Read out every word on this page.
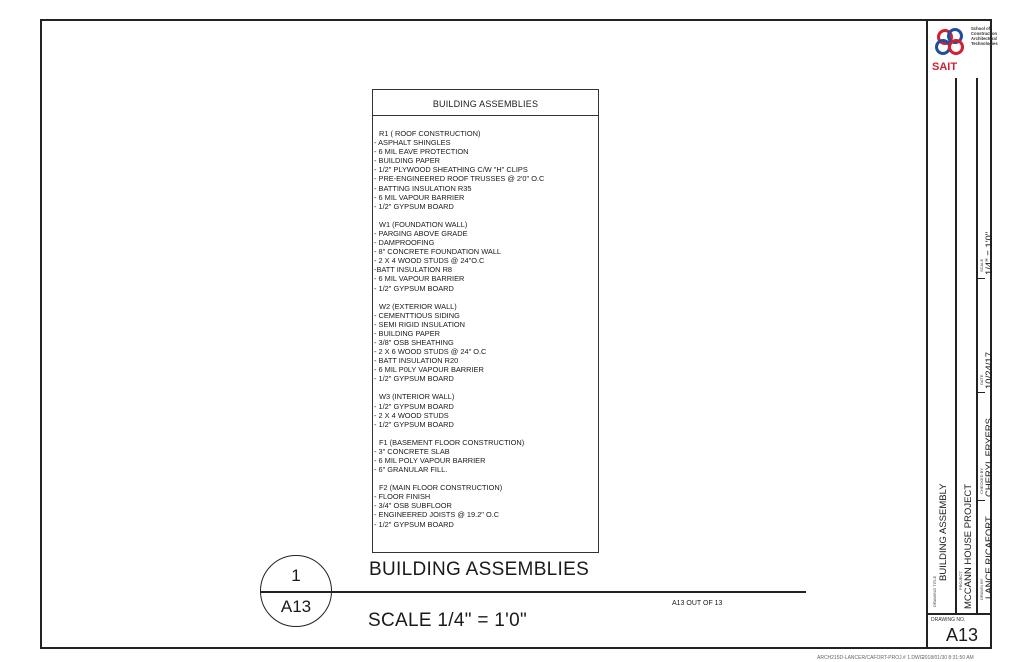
BUILDING ASSEMBLIES
R1 ( ROOF CONSTRUCTION)
- ASPHALT SHINGLES
- 6 MIL EAVE PROTECTION
- BUILDING PAPER
- 1/2" PLYWOOD SHEATHING C/W "H" CLIPS
- PRE-ENGINEERED ROOF TRUSSES @ 2'0" O.C
- BATTING INSULATION R35
- 6 MIL VAPOUR BARRIER
- 1/2" GYPSUM BOARD
W1 (FOUNDATION WALL)
- PARGING ABOVE GRADE
- DAMPROOFING
- 8" CONCRETE FOUNDATION WALL
- 2 X 4 WOOD STUDS @ 24"O.C
-BATT INSULATION R8
- 6 MIL VAPOUR BARRIER
- 1/2" GYPSUM BOARD
W2 (EXTERIOR WALL)
- CEMENTTIOUS SIDING
- SEMI RIGID INSULATION
- BUILDING PAPER
- 3/8" OSB SHEATHING
- 2 X 6 WOOD STUDS @ 24" O.C
- BATT INSULATION R20
- 6 MIL P0LY VAPOUR BARRIER
- 1/2" GYPSUM BOARD
W3 (INTERIOR WALL)
- 1/2" GYPSUM BOARD
- 2 X 4 WOOD STUDS
- 1/2" GYPSUM BOARD
F1 (BASEMENT FLOOR CONSTRUCTION)
- 3" CONCRETE SLAB
- 6 MIL POLY VAPOUR BARRIER
- 6" GRANULAR FILL.
F2 (MAIN FLOOR CONSTRUCTION)
- FLOOR FINISH
- 3/4" OSB SUBFLOOR
- ENGINEERED JOISTS @ 19.2" O.C
- 1/2" GYPSUM BOARD
1
A13
BUILDING ASSEMBLIES
SCALE 1/4" = 1'0"
A13 OUT OF 13
SAIT
School of
Construction
Architectural
Technologies
DRAWING TITLE
BUILDING ASSEMBLY PROJECT MCCANN HOUSE PROJECT DRAWN BY LANCE RICAFORT
CHECKED BY CHERYL FRYERS
DATE 10/24/17
SCALE 1/4" = 1'0"
DRAWING NO.
A13
ARCH215D-LANCER/CAFORT-PROJ.# 1.DWG
2018/01/30 8:31:50 AM
